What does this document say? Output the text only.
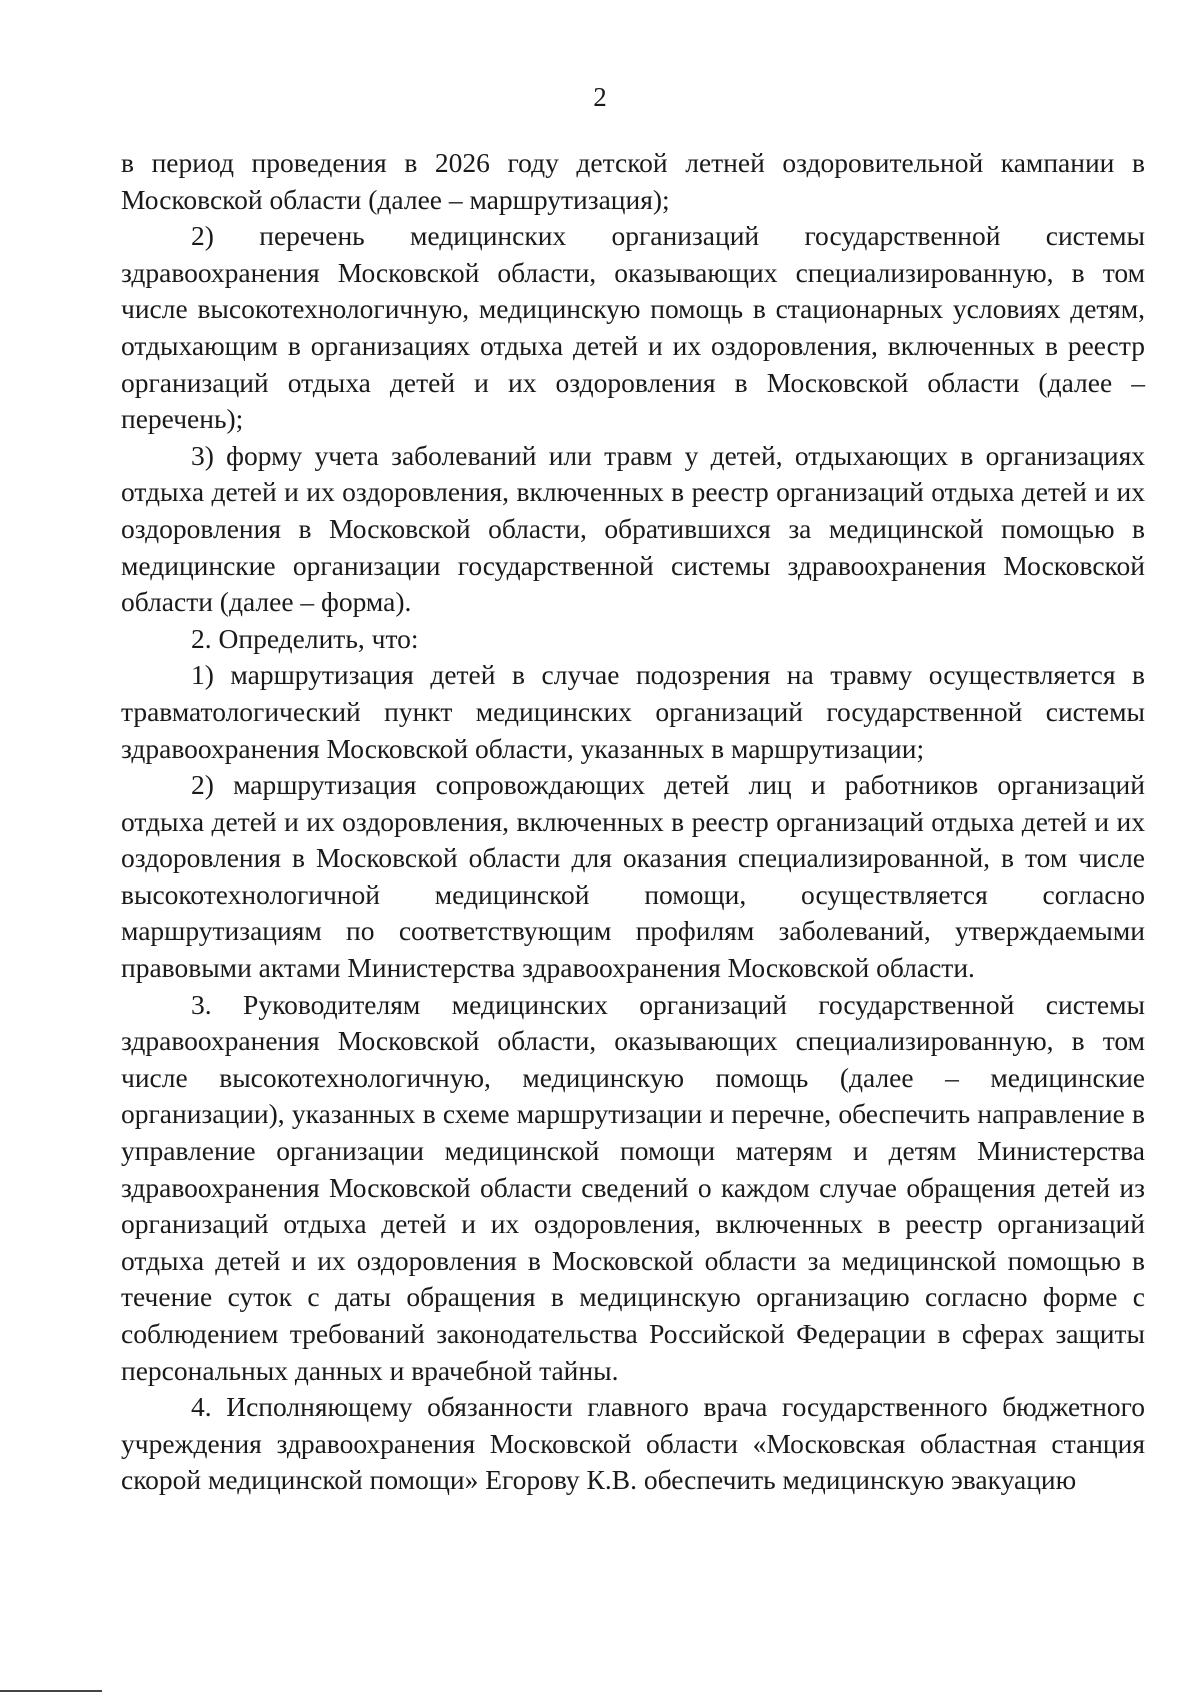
2

в период проведения в 2026 году детской летней оздоровительной кампании в Московской области (далее – маршрутизация);

2) перечень медицинских организаций государственной системы здравоохранения Московской области, оказывающих специализированную, в том числе высокотехнологичную, медицинскую помощь в стационарных условиях детям, отдыхающим в организациях отдыха детей и их оздоровления, включенных в реестр организаций отдыха детей и их оздоровления в Московской области (далее – перечень);

3) форму учета заболеваний или травм у детей, отдыхающих в организациях отдыха детей и их оздоровления, включенных в реестр организаций отдыха детей и их оздоровления в Московской области, обратившихся за медицинской помощью в медицинские организации государственной системы здравоохранения Московской области (далее – форма).

2. Определить, что:

1) маршрутизация детей в случае подозрения на травму осуществляется в травматологический пункт медицинских организаций государственной системы здравоохранения Московской области, указанных в маршрутизации;

2) маршрутизация сопровождающих детей лиц и работников организаций отдыха детей и их оздоровления, включенных в реестр организаций отдыха детей и их оздоровления в Московской области для оказания специализированной, в том числе высокотехнологичной медицинской помощи, осуществляется согласно маршрутизациям по соответствующим профилям заболеваний, утверждаемыми правовыми актами Министерства здравоохранения Московской области.

3. Руководителям медицинских организаций государственной системы здравоохранения Московской области, оказывающих специализированную, в том числе высокотехнологичную, медицинскую помощь (далее – медицинские организации), указанных в схеме маршрутизации и перечне, обеспечить направление в управление организации медицинской помощи матерям и детям Министерства здравоохранения Московской области сведений о каждом случае обращения детей из организаций отдыха детей и их оздоровления, включенных в реестр организаций отдыха детей и их оздоровления в Московской области за медицинской помощью в течение суток с даты обращения в медицинскую организацию согласно форме с соблюдением требований законодательства Российской Федерации в сферах защиты персональных данных и врачебной тайны.

4. Исполняющему обязанности главного врача государственного бюджетного учреждения здравоохранения Московской области «Московская областная станция скорой медицинской помощи» Егорову К.В. обеспечить медицинскую эвакуацию
